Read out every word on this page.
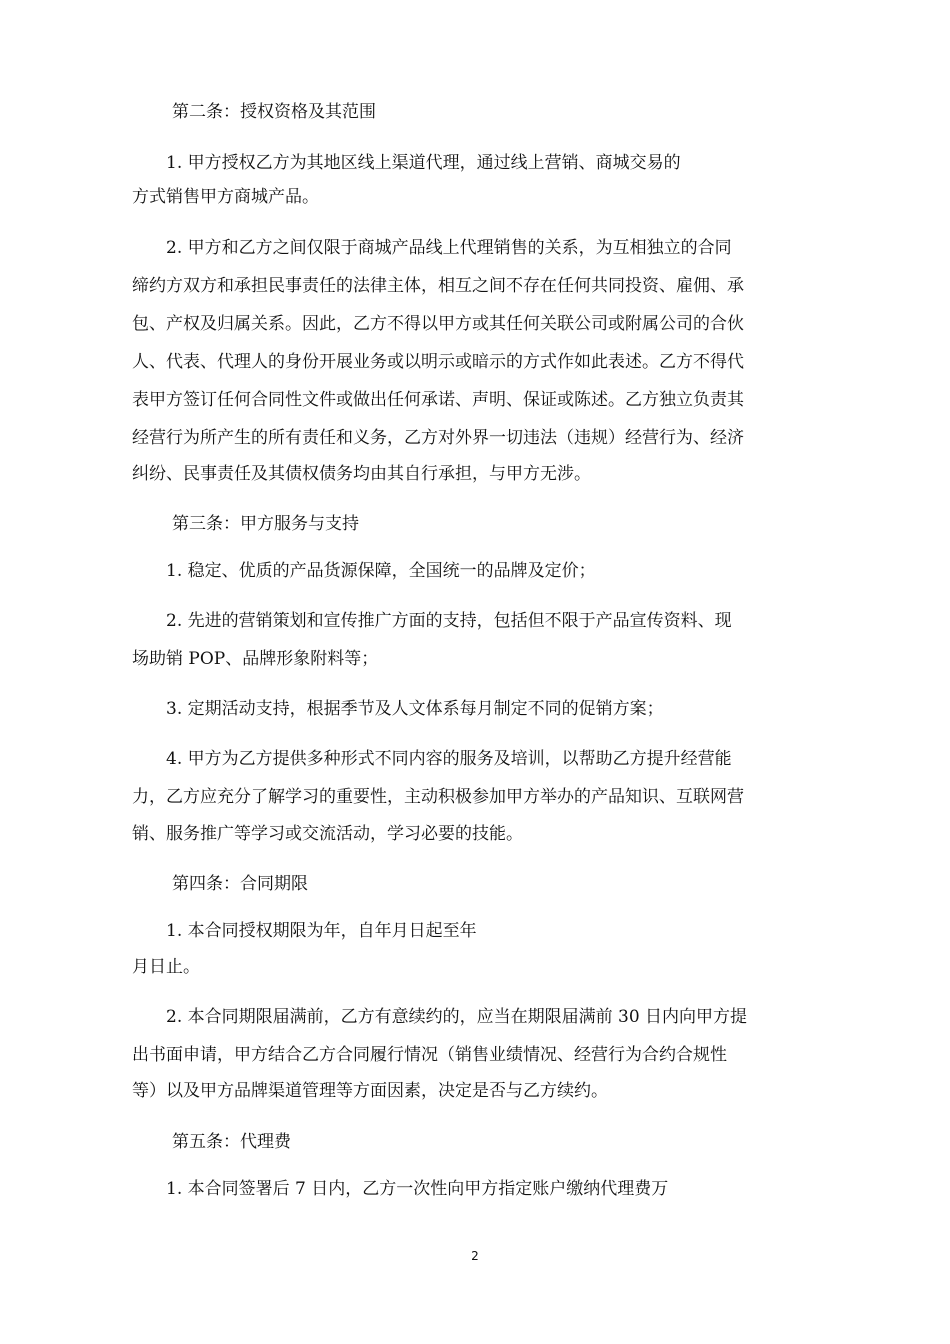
第二条：授权资格及其范围
1. 甲方授权乙方为其地区线上渠道代理，通过线上营销、商城交易的
方式销售甲方商城产品。
2. 甲方和乙方之间仅限于商城产品线上代理销售的关系，为互相独立的合同
缔约方双方和承担民事责任的法律主体，相互之间不存在任何共同投资、雇佣、承
包、产权及归属关系。因此，乙方不得以甲方或其任何关联公司或附属公司的合伙
人、代表、代理人的身份开展业务或以明示或暗示的方式作如此表述。乙方不得代
表甲方签订任何合同性文件或做出任何承诺、声明、保证或陈述。乙方独立负责其
经营行为所产生的所有责任和义务，乙方对外界一切违法（违规）经营行为、经济
纠纷、民事责任及其债权债务均由其自行承担，与甲方无涉。
第三条：甲方服务与支持
1. 稳定、优质的产品货源保障，全国统一的品牌及定价；
2. 先进的营销策划和宣传推广方面的支持，包括但不限于产品宣传资料、现
场助销 POP、品牌形象附料等；
3. 定期活动支持，根据季节及人文体系每月制定不同的促销方案；
4. 甲方为乙方提供多种形式不同内容的服务及培训，以帮助乙方提升经营能
力，乙方应充分了解学习的重要性，主动积极参加甲方举办的产品知识、互联网营
销、服务推广等学习或交流活动，学习必要的技能。
第四条：合同期限
1. 本合同授权期限为年，自年月日起至年
月日止。
2. 本合同期限届满前，乙方有意续约的，应当在期限届满前 30 日内向甲方提
出书面申请，甲方结合乙方合同履行情况（销售业绩情况、经营行为合约合规性
等）以及甲方品牌渠道管理等方面因素，决定是否与乙方续约。
第五条：代理费
1. 本合同签署后 7 日内，乙方一次性向甲方指定账户缴纳代理费万
2
